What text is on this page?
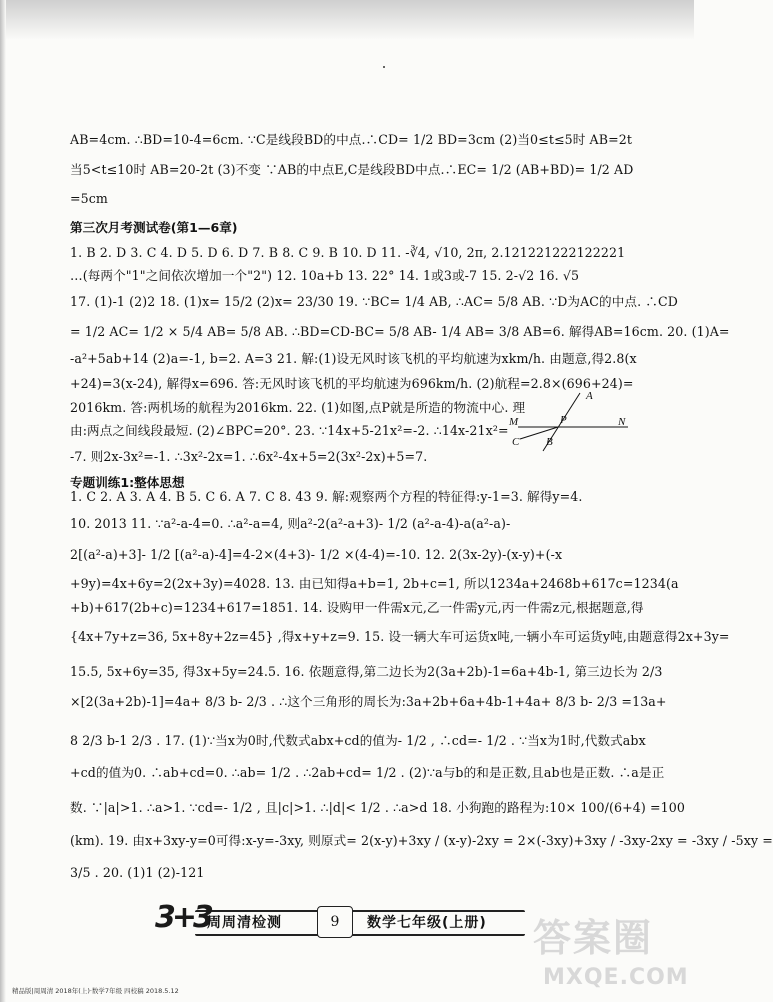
AB=4cm. ∴BD=10-4=6cm. ∵C是线段BD的中点.∴CD= 1/2 BD=3cm (2)当0≤t≤5时 AB=2t
当5<t≤10时 AB=20-2t (3)不变 ∵AB的中点E,C是线段BD中点.∴EC= 1/2 (AB+BD)= 1/2 AD
=5cm
第三次月考测试卷(第1—6章)
1. B 2. D 3. C 4. D 5. D 6. D 7. B 8. C 9. B 10. D 11. -∛4, √10, 2π, 2.121221222122221
…(每两个"1"之间依次增加一个"2") 12. 10a+b 13. 22° 14. 1或3或-7 15. 2-√2 16. √5
17. (1)-1 (2)2 18. (1)x= 15/2 (2)x= 23/30 19. ∵BC= 1/4 AB, ∴AC= 5/8 AB. ∵D为AC的中点. ∴CD
= 1/2 AC= 1/2 × 5/4 AB= 5/8 AB. ∴BD=CD-BC= 5/8 AB- 1/4 AB= 3/8 AB=6. 解得AB=16cm. 20. (1)A=
-a²+5ab+14 (2)a=-1, b=2. A=3 21. 解:(1)设无风时该飞机的平均航速为xkm/h. 由题意,得2.8(x
+24)=3(x-24), 解得x=696. 答:无风时该飞机的平均航速为696km/h. (2)航程=2.8×(696+24)=
2016km. 答:两机场的航程为2016km. 22. (1)如图,点P就是所造的物流中心. 理
由:两点之间线段最短. (2)∠BPC=20°. 23. ∵14x+5-21x²=-2. ∴14x-21x²=
-7. 则2x-3x²=-1. ∴3x²-2x=1. ∴6x²-4x+5=2(3x²-2x)+5=7.
A
M	P	N
C B
专题训练1:整体思想
1. C 2. A 3. A 4. B 5. C 6. A 7. C 8. 43 9. 解:观察两个方程的特征得:y-1=3. 解得y=4.
10. 2013 11. ∵a²-a-4=0. ∴a²-a=4, 则a²-2(a²-a+3)- 1/2 (a²-a-4)-a(a²-a)-
2[(a²-a)+3]- 1/2 [(a²-a)-4]=4-2×(4+3)- 1/2 ×(4-4)=-10. 12. 2(3x-2y)-(x-y)+(-x
+9y)=4x+6y=2(2x+3y)=4028. 13. 由已知得a+b=1, 2b+c=1, 所以1234a+2468b+617c=1234(a
+b)+617(2b+c)=1234+617=1851. 14. 设购甲一件需x元,乙一件需y元,丙一件需z元,根据题意,得
{4x+7y+z=36, 5x+8y+2z=45} ,得x+y+z=9. 15. 设一辆大车可运货x吨,一辆小车可运货y吨,由题意得2x+3y=
15.5, 5x+6y=35, 得3x+5y=24.5. 16. 依题意得,第二边长为2(3a+2b)-1=6a+4b-1, 第三边长为 2/3
×[2(3a+2b)-1]=4a+ 8/3 b- 2/3 . ∴这个三角形的周长为:3a+2b+6a+4b-1+4a+ 8/3 b- 2/3 =13a+
8 2/3 b-1 2/3 . 17. (1)∵当x为0时,代数式abx+cd的值为- 1/2 , ∴cd=- 1/2 . ∵当x为1时,代数式abx
+cd的值为0. ∴ab+cd=0. ∴ab= 1/2 . ∴2ab+cd= 1/2 . (2)∵a与b的和是正数,且ab也是正数. ∴a是正
数. ∵|a|>1. ∴a>1. ∵cd=- 1/2 , 且|c|>1. ∴|d|< 1/2 . ∴a>d 18. 小狗跑的路程为:10× 100/(6+4) =100
(km). 19. 由x+3xy-y=0可得:x-y=-3xy, 则原式= 2(x-y)+3xy / (x-y)-2xy = 2×(-3xy)+3xy / -3xy-2xy = -3xy / -5xy =
3/5 . 20. (1)1 (2)-121
3+3
周周清检测	9	数学七年级(上册)
精品版|周周清 2018年(上)·数学7年级 四校稿 2018.5.12
答案圈
MXQE.COM
